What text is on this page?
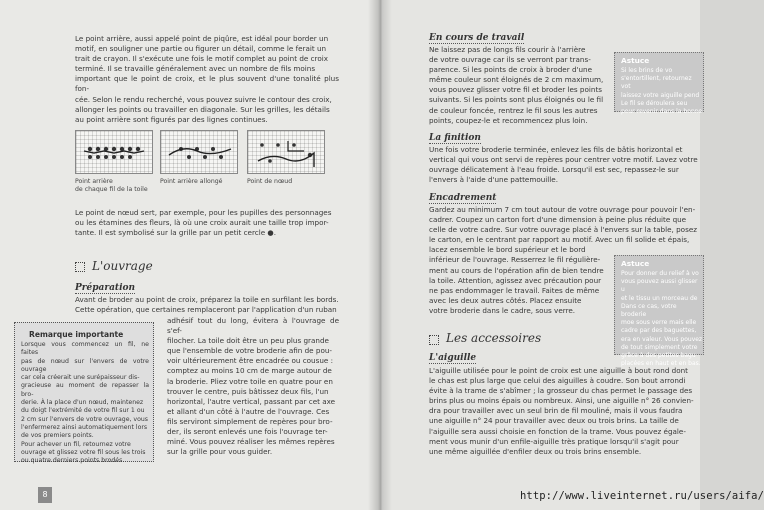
Le point arrière, aussi appelé point de piqûre, est idéal pour border un
motif, en souligner une partie ou figurer un détail, comme le ferait un
trait de crayon. Il s'exécute une fois le motif complet au point de croix
terminé. Il se travaille généralement avec un nombre de fils moins
important que le point de croix, et le plus souvent d'une tonalité plus fon-
cée. Selon le rendu recherché, vous pouvez suivre le contour des croix,
allonger les points ou travailler en diagonale. Sur les grilles, les détails
au point arrière sont figurés par des lignes continues.
Point arrière
de chaque fil de la toile
Point arrière allongé	Point de nœud
Le point de nœud sert, par exemple, pour les pupilles des personnages
ou les étamines des fleurs, là où une croix aurait une taille trop impor-
tante. Il est symbolisé sur la grille par un petit cercle ●.
L'ouvrage
Préparation
Avant de broder au point de croix, préparez la toile en surfilant les bords.
Cette opération, que certaines remplaceront par l'application d'un ruban
adhésif tout du long, évitera à l'ouvrage de s'ef-
filocher. La toile doit être un peu plus grande
que l'ensemble de votre broderie afin de pou-
voir ultérieurement être encadrée ou cousue :
comptez au moins 10 cm de marge autour de
la broderie. Pliez votre toile en quatre pour en
trouver le centre, puis bâtissez deux fils, l'un
horizontal, l'autre vertical, passant par cet axe
et allant d'un côté à l'autre de l'ouvrage. Ces
fils serviront simplement de repères pour bro-
der, ils seront enlevés une fois l'ouvrage ter-
miné. Vous pouvez réaliser les mêmes repères
sur la grille pour vous guider.
Remarque importante
Lorsque vous commencez un fil, ne faites
pas de nœud sur l'envers de votre ouvrage
car cela créerait une surépaisseur dis-
gracieuse au moment de repasser la bro-
derie. À la place d'un nœud, maintenez
du doigt l'extrémité de votre fil sur 1 ou
2 cm sur l'envers de votre ouvrage, vous
l'enfermerez ainsi automatiquement lors
de vos premiers points.
Pour achever un fil, retournez votre
ouvrage et glissez votre fil sous les trois
ou quatre derniers points brodés.
8
En cours de travail
Ne laissez pas de longs fils courir à l'arrière
de votre ouvrage car ils se verront par trans-
parence. Si les points de croix à broder d'une
même couleur sont éloignés de 2 cm maximum,
vous pouvez glisser votre fil et broder les points
suivants. Si les points sont plus éloignés ou le fil
de couleur foncée, rentrez le fil sous les autres
points, coupez-le et recommencez plus loin.
Astuce
Si les brins de vo
s'entortillent, retournez vot
laissez votre aiguille pend
Le fil se déroulera seu
pour revenir dans la bonne
La finition
Une fois votre broderie terminée, enlevez les fils de bâtis horizontal et
vertical qui vous ont servi de repères pour centrer votre motif. Lavez votre
ouvrage délicatement à l'eau froide. Lorsqu'il est sec, repassez-le sur
l'envers à l'aide d'une pattemouille.
Encadrement
Gardez au minimum 7 cm tout autour de votre ouvrage pour pouvoir l'en-
cadrer. Coupez un carton fort d'une dimension à peine plus réduite que
celle de votre cadre. Sur votre ouvrage placé à l'envers sur la table, posez
le carton, en le centrant par rapport au motif. Avec un fil solide et épais,
lacez ensemble le bord supérieur et le bord
inférieur de l'ouvrage. Resserrez le fil régulière-
ment au cours de l'opération afin de bien tendre
la toile. Attention, agissez avec précaution pour
ne pas endommager le travail. Faites de même
avec les deux autres côtés. Placez ensuite
votre broderie dans le cadre, sous verre.
Astuce
Pour donner du relief à vo
vous pouvez aussi glisser u
et le tissu un morceau de
Dans ce cas, votre broderie
moe sous verre mais elle
cadre par des baguettes,
era en valeur. Vous pouvez
de tout simplement votre
grâce à des petites bagu
placées en haut et en bas.
Les accessoires
L'aiguille
L'aiguille utilisée pour le point de croix est une aiguille à bout rond dont
le chas est plus large que celui des aiguilles à coudre. Son bout arrondi
évite à la trame de s'abîmer ; la grosseur du chas permet le passage des
brins plus ou moins épais ou nombreux. Ainsi, une aiguille n° 26 convien-
dra pour travailler avec un seul brin de fil mouliné, mais il vous faudra
une aiguille n° 24 pour travailler avec deux ou trois brins. La taille de
l'aiguille sera aussi choisie en fonction de la trame. Vous pouvez égale-
ment vous munir d'un enfile-aiguille très pratique lorsqu'il s'agit pour
une même aiguillée d'enfiler deux ou trois brins ensemble.
http://www.liveinternet.ru/users/aifa/
